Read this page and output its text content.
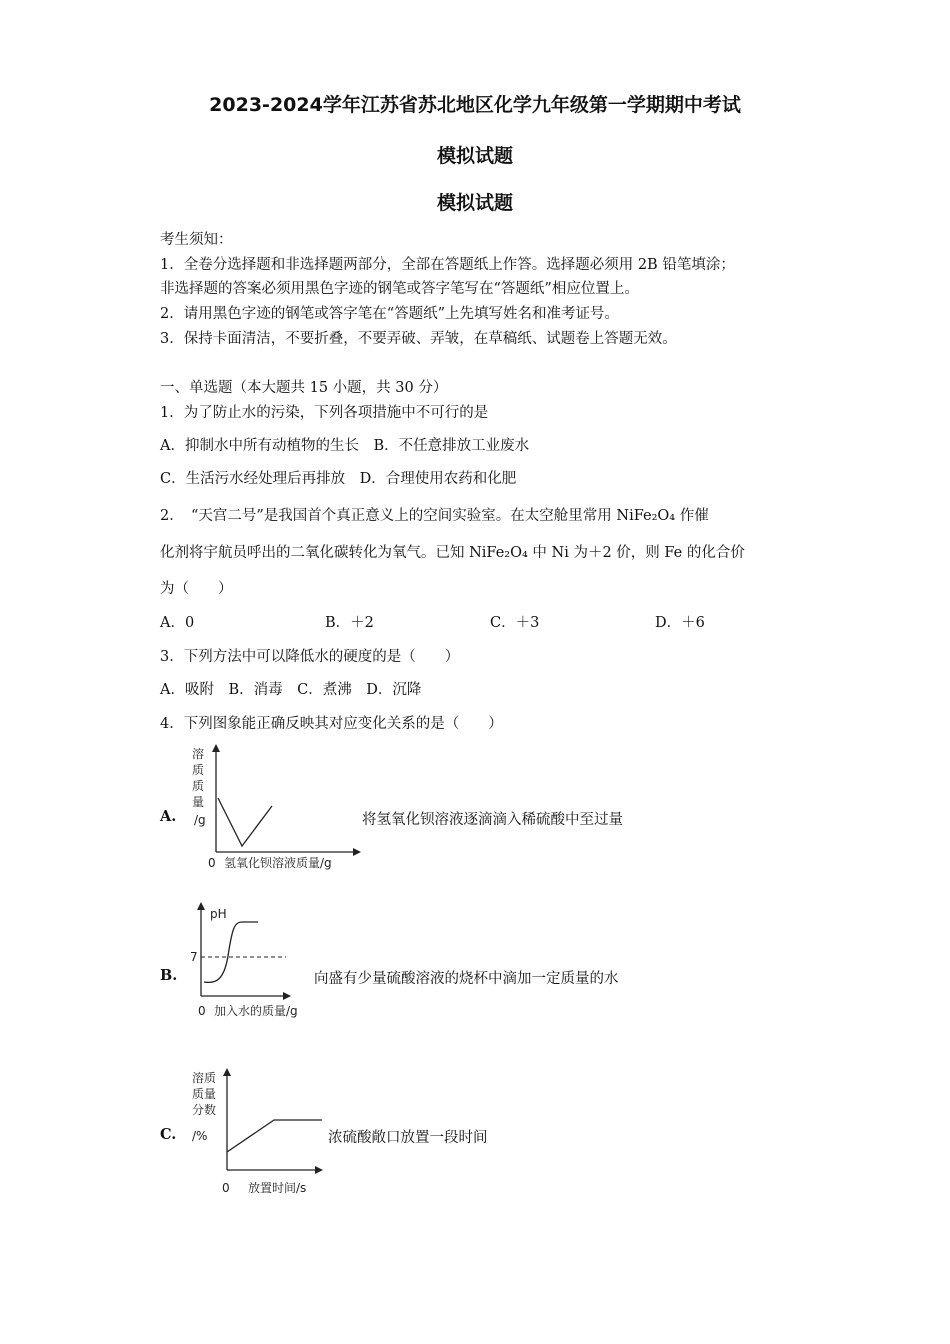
2023-2024学年江苏省苏北地区化学九年级第一学期期中考试
模拟试题
模拟试题
考生须知：
1．全卷分选择题和非选择题两部分，全部在答题纸上作答。选择题必须用 2B 铅笔填涂；
非选择题的答案必须用黑色字迹的钢笔或答字笔写在“答题纸”相应位置上。
2．请用黑色字迹的钢笔或答字笔在“答题纸”上先填写姓名和准考证号。
3．保持卡面清洁，不要折叠，不要弄破、弄皱，在草稿纸、试题卷上答题无效。
一、单选题（本大题共 15 小题，共 30 分）
1．为了防止水的污染，下列各项措施中不可行的是
A．抑制水中所有动植物的生长　B．不任意排放工业废水
C．生活污水经处理后再排放　D．合理使用农药和化肥
2．　“天宫二号”是我国首个真正意义上的空间实验室。在太空舱里常用 NiFe₂O₄ 作催
化剂将宇航员呼出的二氧化碳转化为氧气。已知 NiFe₂O₄ 中 Ni 为＋2 价，则 Fe 的化合价
为（　　）
A．0	B．＋2	C．＋3	D．＋6
3．下列方法中可以降低水的硬度的是（　　）
A．吸附　B．消毒　C．煮沸　D．沉降
4．下列图象能正确反映其对应变化关系的是（　　）
A.
溶
质
质
量
/g
0 氢氧化钡溶液质量/g
将氢氧化钡溶液逐滴滴入稀硫酸中至过量
B.
pH
7
0 加入水的质量/g
向盛有少量硫酸溶液的烧杯中滴加一定质量的水
C.
溶质
质量
分数
/%
0 放置时间/s
浓硫酸敞口放置一段时间
